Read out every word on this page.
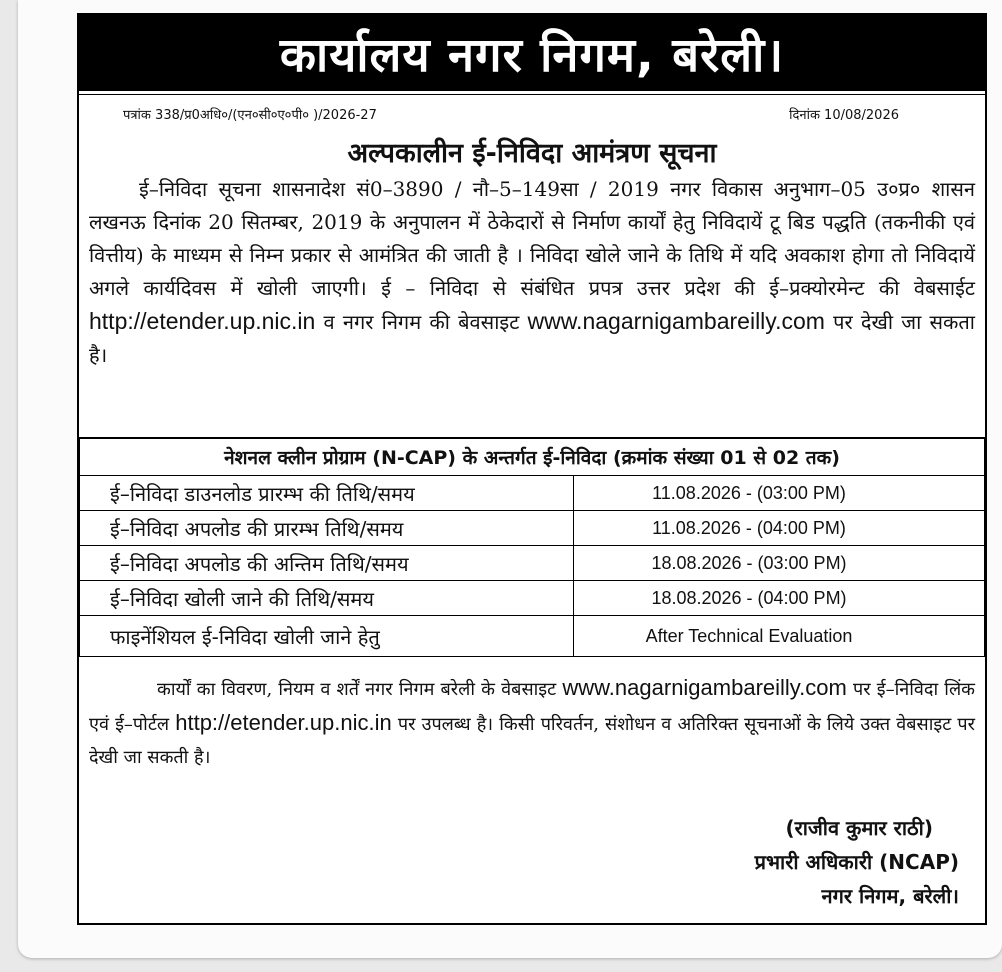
कार्यालय नगर निगम, बरेली।
पत्रांक 338/प्र0अधि०/(एन०सी०ए०पी० )/2026-27	दिनांक 10/08/2026
अल्पकालीन ई-निविदा आमंत्रण सूचना
ई–निविदा सूचना शासनादेश सं0–3890 / नौ–5–149सा / 2019 नगर विकास अनुभाग–05 उ०प्र० शासन लखनऊ दिनांक 20 सितम्बर, 2019 के अनुपालन में ठेकेदारों से निर्माण कार्यों हेतु निविदायें टू बिड पद्धति (तकनीकी एवं वित्तीय) के माध्यम से निम्न प्रकार से आमंत्रित की जाती है । निविदा खोले जाने के तिथि में यदि अवकाश होगा तो निविदायें अगले कार्यदिवस में खोली जाएगी। ई – निविदा से संबंधित प्रपत्र उत्तर प्रदेश की ई–प्रक्योरमेन्ट की वेबसाईट http://etender.up.nic.in व नगर निगम की बेवसाइट www.nagarnigambareilly.com पर देखी जा सकता है।
नेशनल क्लीन प्रोग्राम (N-CAP) के अन्तर्गत ई-निविदा (क्रमांक संख्या 01 से 02 तक)	
ई–निविदा डाउनलोड प्रारम्भ की तिथि/समय	11.08.2026 - (03:00 PM)
ई–निविदा अपलोड की प्रारम्भ तिथि/समय	11.08.2026 - (04:00 PM)
ई–निविदा अपलोड की अन्तिम तिथि/समय	18.08.2026 - (03:00 PM)
ई–निविदा खोली जाने की तिथि/समय	18.08.2026 - (04:00 PM)
फाइनेंशियल ई-निविदा खोली जाने हेतु	After Technical Evaluation
कार्यों का विवरण, नियम व शर्तें नगर निगम बरेली के वेबसाइट www.nagarnigambareilly.com पर ई–निविदा लिंक एवं ई–पोर्टल http://etender.up.nic.in पर उपलब्ध है। किसी परिवर्तन, संशोधन व अतिरिक्त सूचनाओं के लिये उक्त वेबसाइट पर देखी जा सकती है।
(राजीव कुमार राठी)
प्रभारी अधिकारी (NCAP)
नगर निगम, बरेली।
